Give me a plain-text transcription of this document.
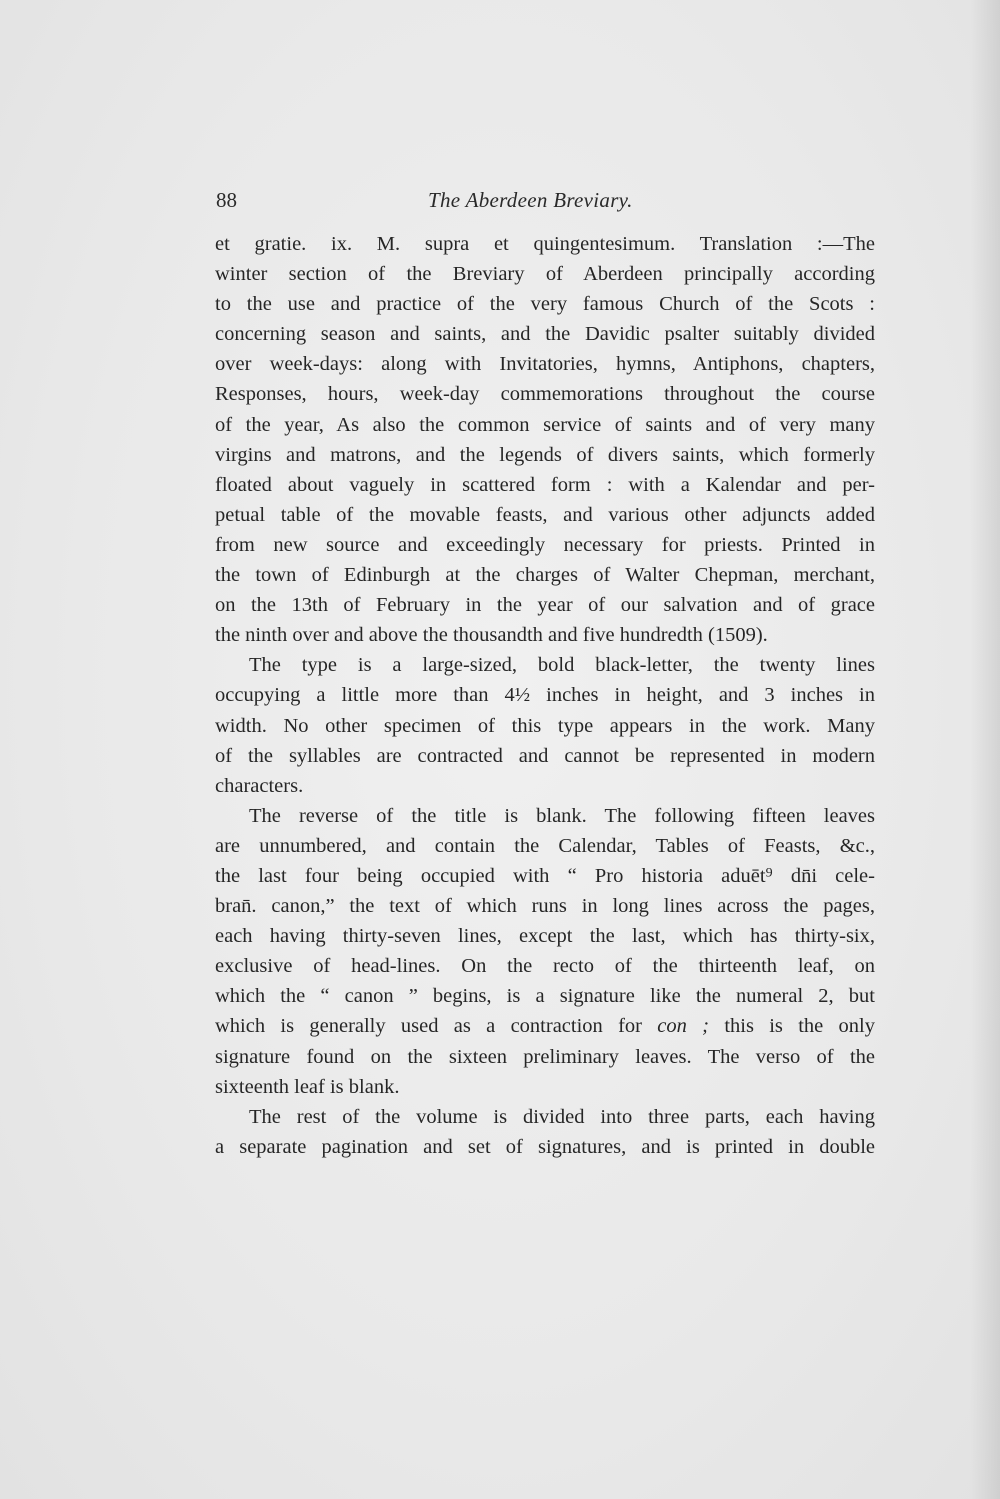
88	The Aberdeen Breviary.
et gratie. ix. M. supra et quingentesimum. Translation :—The
winter section of the Breviary of Aberdeen principally according
to the use and practice of the very famous Church of the Scots :
concerning season and saints, and the Davidic psalter suitably divided
over week-days: along with Invitatories, hymns, Antiphons, chapters,
Responses, hours, week-day commemorations throughout the course
of the year, As also the common service of saints and of very many
virgins and matrons, and the legends of divers saints, which formerly
floated about vaguely in scattered form : with a Kalendar and per-
petual table of the movable feasts, and various other adjuncts added
from new source and exceedingly necessary for priests. Printed in
the town of Edinburgh at the charges of Walter Chepman, merchant,
on the 13th of February in the year of our salvation and of grace
the ninth over and above the thousandth and five hundredth (1509).
The type is a large-sized, bold black-letter, the twenty lines
occupying a little more than 4½ inches in height, and 3 inches in
width. No other specimen of this type appears in the work. Many
of the syllables are contracted and cannot be represented in modern
characters.
The reverse of the title is blank. The following fifteen leaves
are unnumbered, and contain the Calendar, Tables of Feasts, &c.,
the last four being occupied with “ Pro historia aduēt⁹ dn̄i cele-
bran̄. canon,” the text of which runs in long lines across the pages,
each having thirty-seven lines, except the last, which has thirty-six,
exclusive of head-lines. On the recto of the thirteenth leaf, on
which the “ canon ” begins, is a signature like the numeral 2, but
which is generally used as a contraction for con ; this is the only
signature found on the sixteen preliminary leaves. The verso of the
sixteenth leaf is blank.
The rest of the volume is divided into three parts, each having
a separate pagination and set of signatures, and is printed in double
